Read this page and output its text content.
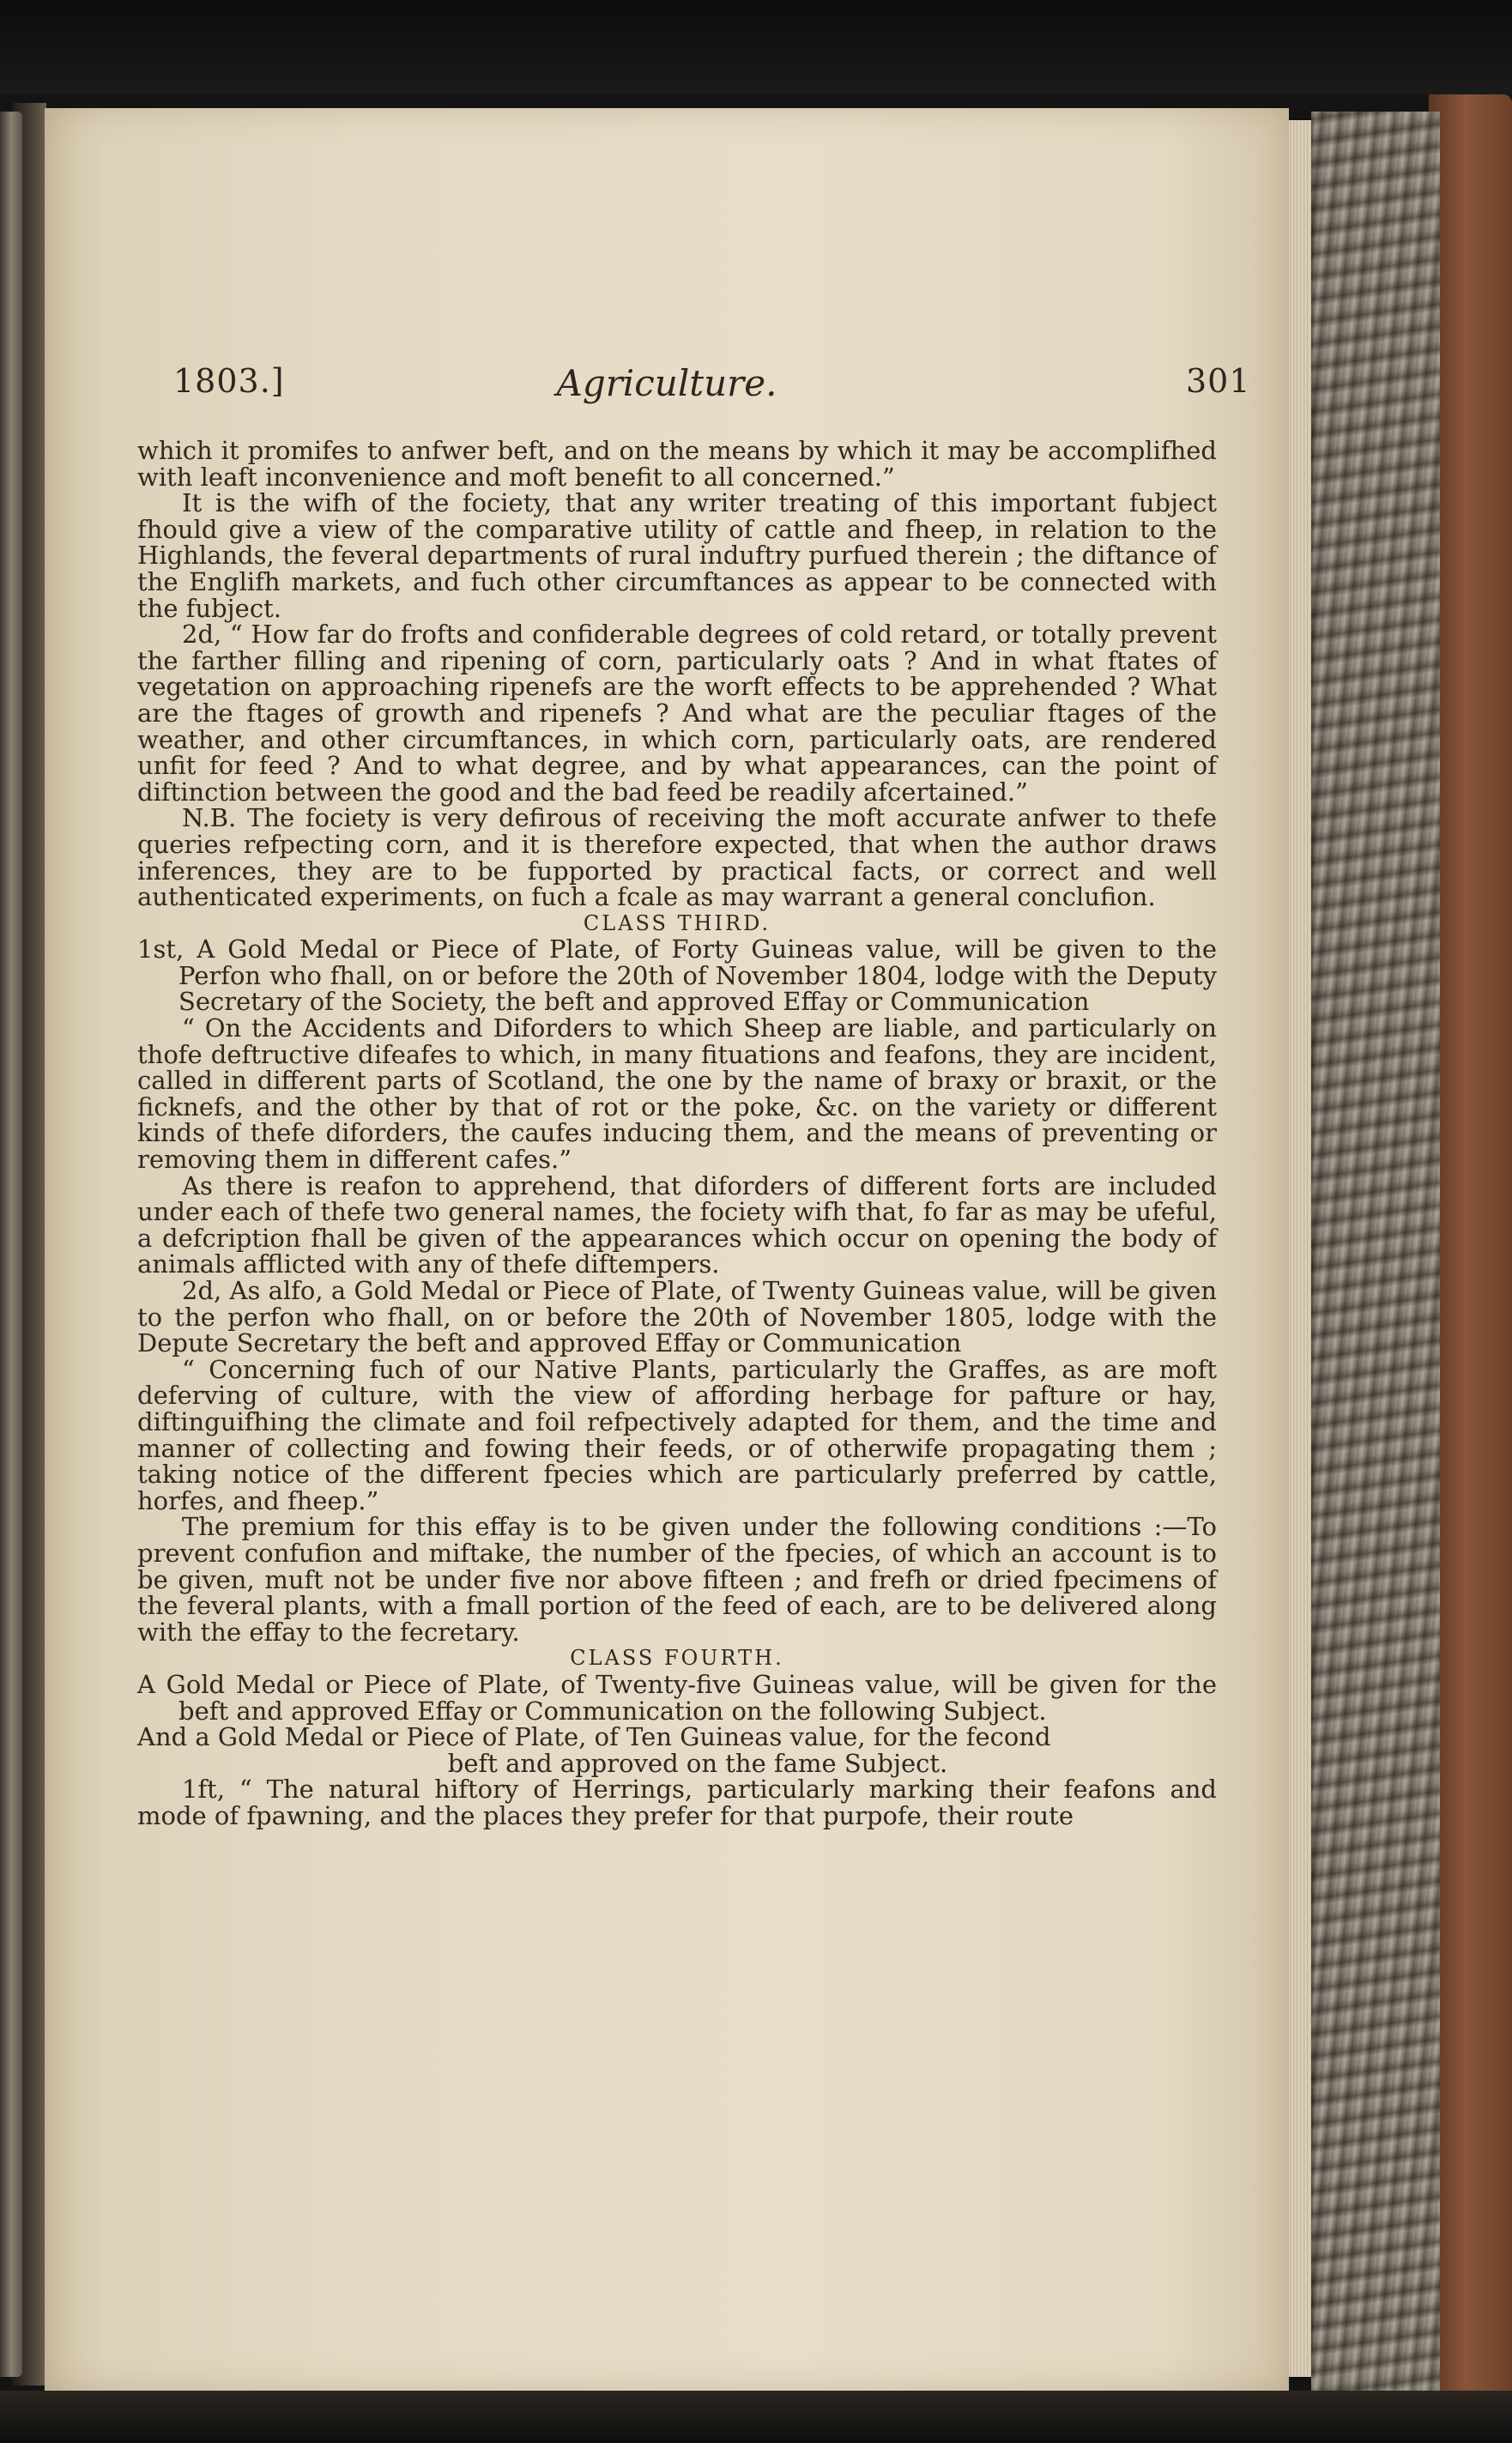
1803.]	Agriculture.	301

which it promifes to anfwer beft, and on the means by which it may be accomplifhed with leaft inconvenience and moft benefit to all concerned.”

It is the wifh of the fociety, that any writer treating of this important fubject fhould give a view of the comparative utility of cattle and fheep, in relation to the Highlands, the feveral departments of rural induftry purfued therein ; the diftance of the Englifh markets, and fuch other circumftances as appear to be connected with the fubject.

2d, “ How far do frofts and confiderable degrees of cold retard, or totally prevent the farther filling and ripening of corn, particularly oats ? And in what ftates of vegetation on approaching ripenefs are the worft effects to be apprehended ? What are the ftages of growth and ripenefs ? And what are the peculiar ftages of the weather, and other circumftances, in which corn, particularly oats, are rendered unfit for feed ? And to what degree, and by what appearances, can the point of diftinction between the good and the bad feed be readily afcertained.”

N.B. The fociety is very defirous of receiving the moft accurate anfwer to thefe queries refpecting corn, and it is therefore expected, that when the author draws inferences, they are to be fupported by practical facts, or correct and well authenticated experiments, on fuch a fcale as may warrant a general conclufion.

CLASS THIRD.

1st, A Gold Medal or Piece of Plate, of Forty Guineas value, will be given to the Perfon who fhall, on or before the 20th of November 1804, lodge with the Deputy Secretary of the Society, the beft and approved Effay or Communication

“ On the Accidents and Diforders to which Sheep are liable, and particularly on thofe deftructive difeafes to which, in many fituations and feafons, they are incident, called in different parts of Scotland, the one by the name of braxy or braxit, or the ficknefs, and the other by that of rot or the poke, &c. on the variety or different kinds of thefe diforders, the caufes inducing them, and the means of preventing or removing them in different cafes.”

As there is reafon to apprehend, that diforders of different forts are included under each of thefe two general names, the fociety wifh that, fo far as may be ufeful, a defcription fhall be given of the appearances which occur on opening the body of animals afflicted with any of thefe diftempers.

2d, As alfo, a Gold Medal or Piece of Plate, of Twenty Guineas value, will be given to the perfon who fhall, on or before the 20th of November 1805, lodge with the Depute Secretary the beft and approved Effay or Communication

“ Concerning fuch of our Native Plants, particularly the Graffes, as are moft deferving of culture, with the view of affording herbage for pafture or hay, diftinguifhing the climate and foil refpectively adapted for them, and the time and manner of collecting and fowing their feeds, or of otherwife propagating them ; taking notice of the different fpecies which are particularly preferred by cattle, horfes, and fheep.”

The premium for this effay is to be given under the following conditions :—To prevent confufion and miftake, the number of the fpecies, of which an account is to be given, muft not be under five nor above fifteen ; and frefh or dried fpecimens of the feveral plants, with a fmall portion of the feed of each, are to be delivered along with the effay to the fecretary.

CLASS FOURTH.

A Gold Medal or Piece of Plate, of Twenty-five Guineas value, will be given for the beft and approved Effay or Communication on the following Subject.

And a Gold Medal or Piece of Plate, of Ten Guineas value, for the fecond

beft and approved on the fame Subject.

1ft, “ The natural hiftory of Herrings, particularly marking their feafons and mode of fpawning, and the places they prefer for that purpofe, their route
